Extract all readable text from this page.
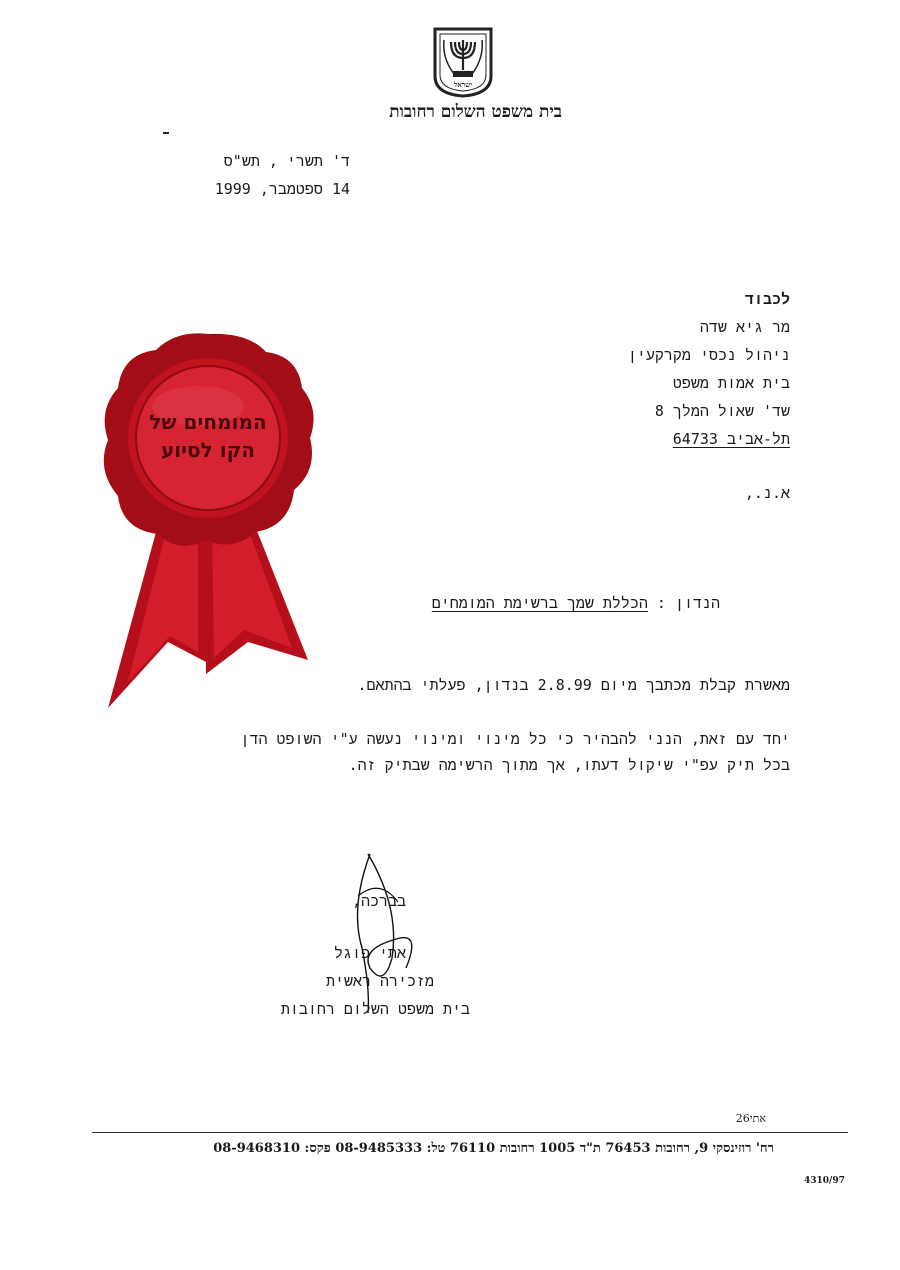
ישראל
בית משפט השלום רחובות
ד' תשרי , תש"ס
14 ספטמבר, 1999
המומחים של
הקו לסיוע
לכבוד
מר גיא שדה
ניהול נכסי מקרקעין
בית אמות משפט
שד' שאול המלך 8
תל-אביב 64733
א.נ.,
הנדון : הכללת שמך ברשימת המומחים
מאשרת קבלת מכתבך מיום 2.8.99 בנדון, פעלתי בהתאם.
יחד עם זאת, הנני להבהיר כי כל מינוי ומינוי נעשה ע"י השופט הדן
בכל תיק עפ"י שיקול דעתו, אך מתוך הרשימה שבתיק זה.
בברכה,
אתי פוגל
מזכירה ראשית
בית משפט השלום רחובות
אתי26
רח' רוזינסקי 9, רחובות 76453 ת"ד 1005 רחובות 76110 טל: 08-9485333 פקס: 08-9468310
4310/97
